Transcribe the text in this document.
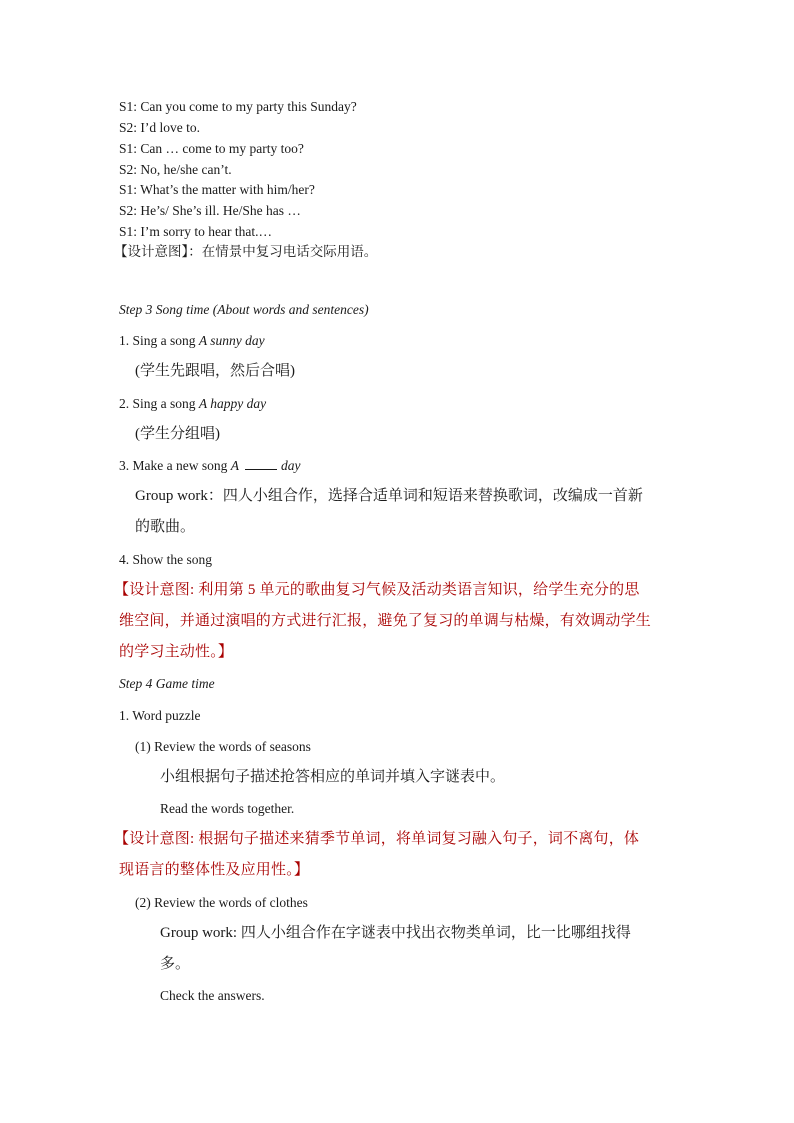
S1: Can you come to my party this Sunday?
S2: I’d love to.
S1: Can … come to my party too?
S2: No, he/she can’t.
S1: What’s the matter with him/her?
S2: He’s/ She’s ill. He/She has …
S1: I’m sorry to hear that.…
【设计意图】：在情景中复习电话交际用语。
Step 3 Song time (About words and sentences)
1. Sing a song A sunny day
(学生先跟唱，然后合唱)
2. Sing a song A happy day
(学生分组唱)
3. Make a new song A	day
Group work：四人小组合作，选择合适单词和短语来替换歌词，改编成一首新
的歌曲。
4. Show the song
【设计意图: 利用第 5 单元的歌曲复习气候及活动类语言知识，给学生充分的思
维空间，并通过演唱的方式进行汇报，避免了复习的单调与枯燥，有效调动学生
的学习主动性。】
Step 4 Game time
1. Word puzzle
(1) Review the words of seasons
小组根据句子描述抢答相应的单词并填入字谜表中。
Read the words together.
【设计意图: 根据句子描述来猜季节单词，将单词复习融入句子，词不离句，体
现语言的整体性及应用性。】
(2) Review the words of clothes
Group work: 四人小组合作在字谜表中找出衣物类单词，比一比哪组找得
多。
Check the answers.
